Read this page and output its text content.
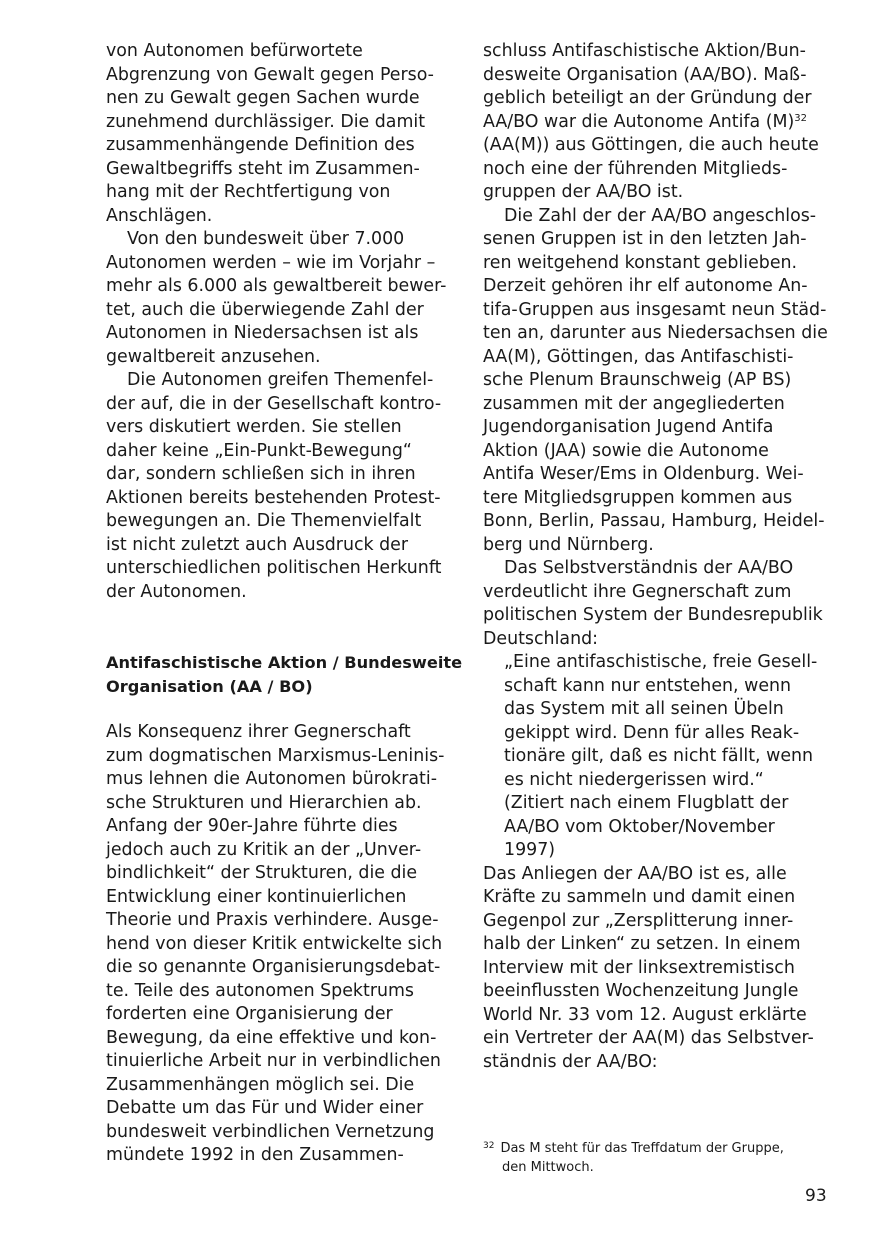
von Autonomen befürwortete
Abgrenzung von Gewalt gegen Perso-
nen zu Gewalt gegen Sachen wurde
zunehmend durchlässiger. Die damit
zusammenhängende Definition des
Gewaltbegriffs steht im Zusammen-
hang mit der Rechtfertigung von
Anschlägen.
Von den bundesweit über 7.000
Autonomen werden – wie im Vorjahr –
mehr als 6.000 als gewaltbereit bewer-
tet, auch die überwiegende Zahl der
Autonomen in Niedersachsen ist als
gewaltbereit anzusehen.
Die Autonomen greifen Themenfel-
der auf, die in der Gesellschaft kontro-
vers diskutiert werden. Sie stellen
daher keine „Ein-Punkt-Bewegung“
dar, sondern schließen sich in ihren
Aktionen bereits bestehenden Protest-
bewegungen an. Die Themenvielfalt
ist nicht zuletzt auch Ausdruck der
unterschiedlichen politischen Herkunft
der Autonomen.
Antifaschistische Aktion / Bundesweite
Organisation (AA / BO)
Als Konsequenz ihrer Gegnerschaft
zum dogmatischen Marxismus-Leninis-
mus lehnen die Autonomen bürokrati-
sche Strukturen und Hierarchien ab.
Anfang der 90er-Jahre führte dies
jedoch auch zu Kritik an der „Unver-
bindlichkeit“ der Strukturen, die die
Entwicklung einer kontinuierlichen
Theorie und Praxis verhindere. Ausge-
hend von dieser Kritik entwickelte sich
die so genannte Organisierungsdebat-
te. Teile des autonomen Spektrums
forderten eine Organisierung der
Bewegung, da eine effektive und kon-
tinuierliche Arbeit nur in verbindlichen
Zusammenhängen möglich sei. Die
Debatte um das Für und Wider einer
bundesweit verbindlichen Vernetzung
mündete 1992 in den Zusammen-
schluss Antifaschistische Aktion/Bun-
desweite Organisation (AA/BO). Maß-
geblich beteiligt an der Gründung der
AA/BO war die Autonome Antifa $(M)^{32}$
(AA(M)) aus Göttingen, die auch heute
noch eine der führenden Mitglieds-
gruppen der AA/BO ist.
Die Zahl der der AA/BO angeschlos-
senen Gruppen ist in den letzten Jah-
ren weitgehend konstant geblieben.
Derzeit gehören ihr elf autonome An-
tifa-Gruppen aus insgesamt neun Städ-
ten an, darunter aus Niedersachsen die
AA(M), Göttingen, das Antifaschisti-
sche Plenum Braunschweig (AP BS)
zusammen mit der angegliederten
Jugendorganisation Jugend Antifa
Aktion (JAA) sowie die Autonome
Antifa Weser/Ems in Oldenburg. Wei-
tere Mitgliedsgruppen kommen aus
Bonn, Berlin, Passau, Hamburg, Heidel-
berg und Nürnberg.
Das Selbstverständnis der AA/BO
verdeutlicht ihre Gegnerschaft zum
politischen System der Bundesrepublik
Deutschland:
„Eine antifaschistische, freie Gesell-
schaft kann nur entstehen, wenn
das System mit all seinen Übeln
gekippt wird. Denn für alles Reak-
tionäre gilt, daß es nicht fällt, wenn
es nicht niedergerissen wird.“
(Zitiert nach einem Flugblatt der
AA/BO vom Oktober/November
1997)
Das Anliegen der AA/BO ist es, alle
Kräfte zu sammeln und damit einen
Gegenpol zur „Zersplitterung inner-
halb der Linken“ zu setzen. In einem
Interview mit der linksextremistisch
beeinflussten Wochenzeitung Jungle
World Nr. 33 vom 12. August erklärte
ein Vertreter der AA(M) das Selbstver-
ständnis der AA/BO:
$^{32}$ Das M steht für das Treffdatum der Gruppe,
den Mittwoch.
93
